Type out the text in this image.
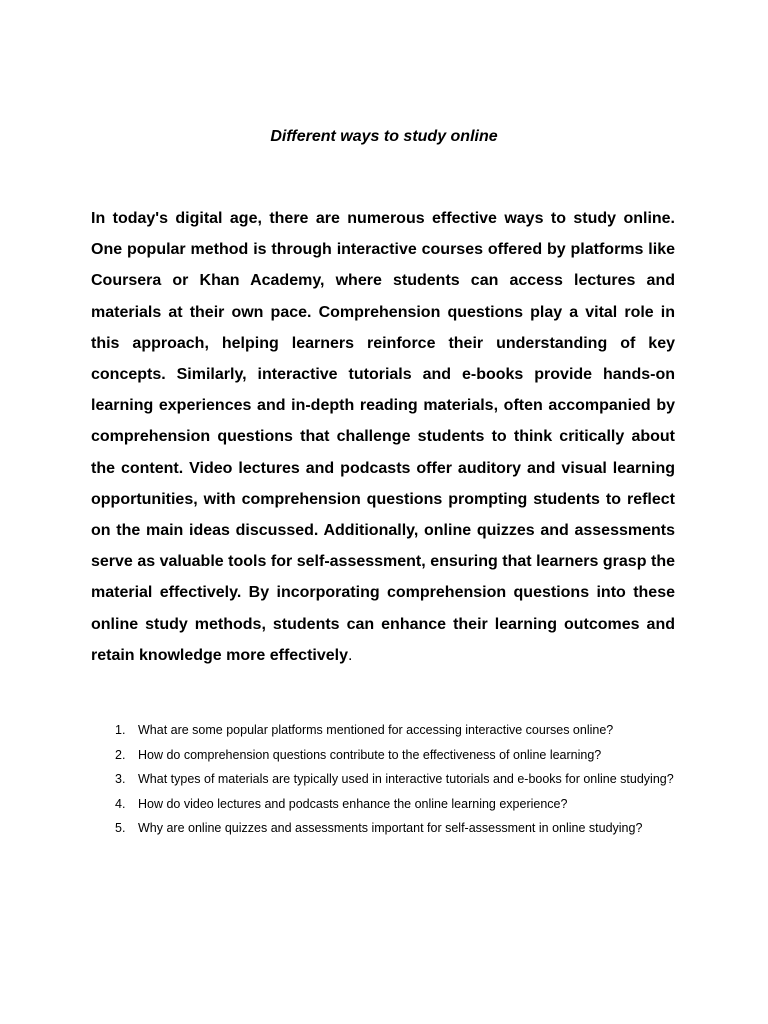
Different ways to study online

In today's digital age, there are numerous effective ways to study online. One popular method is through interactive courses offered by platforms like Coursera or Khan Academy, where students can access lectures and materials at their own pace. Comprehension questions play a vital role in this approach, helping learners reinforce their understanding of key concepts. Similarly, interactive tutorials and e-books provide hands-on learning experiences and in-depth reading materials, often accompanied by comprehension questions that challenge students to think critically about the content. Video lectures and podcasts offer auditory and visual learning opportunities, with comprehension questions prompting students to reflect on the main ideas discussed. Additionally, online quizzes and assessments serve as valuable tools for self-assessment, ensuring that learners grasp the material effectively. By incorporating comprehension questions into these online study methods, students can enhance their learning outcomes and retain knowledge more effectively.

1. What are some popular platforms mentioned for accessing interactive courses online?
2. How do comprehension questions contribute to the effectiveness of online learning?
3. What types of materials are typically used in interactive tutorials and e-books for online studying?
4. How do video lectures and podcasts enhance the online learning experience?
5. Why are online quizzes and assessments important for self-assessment in online studying?
